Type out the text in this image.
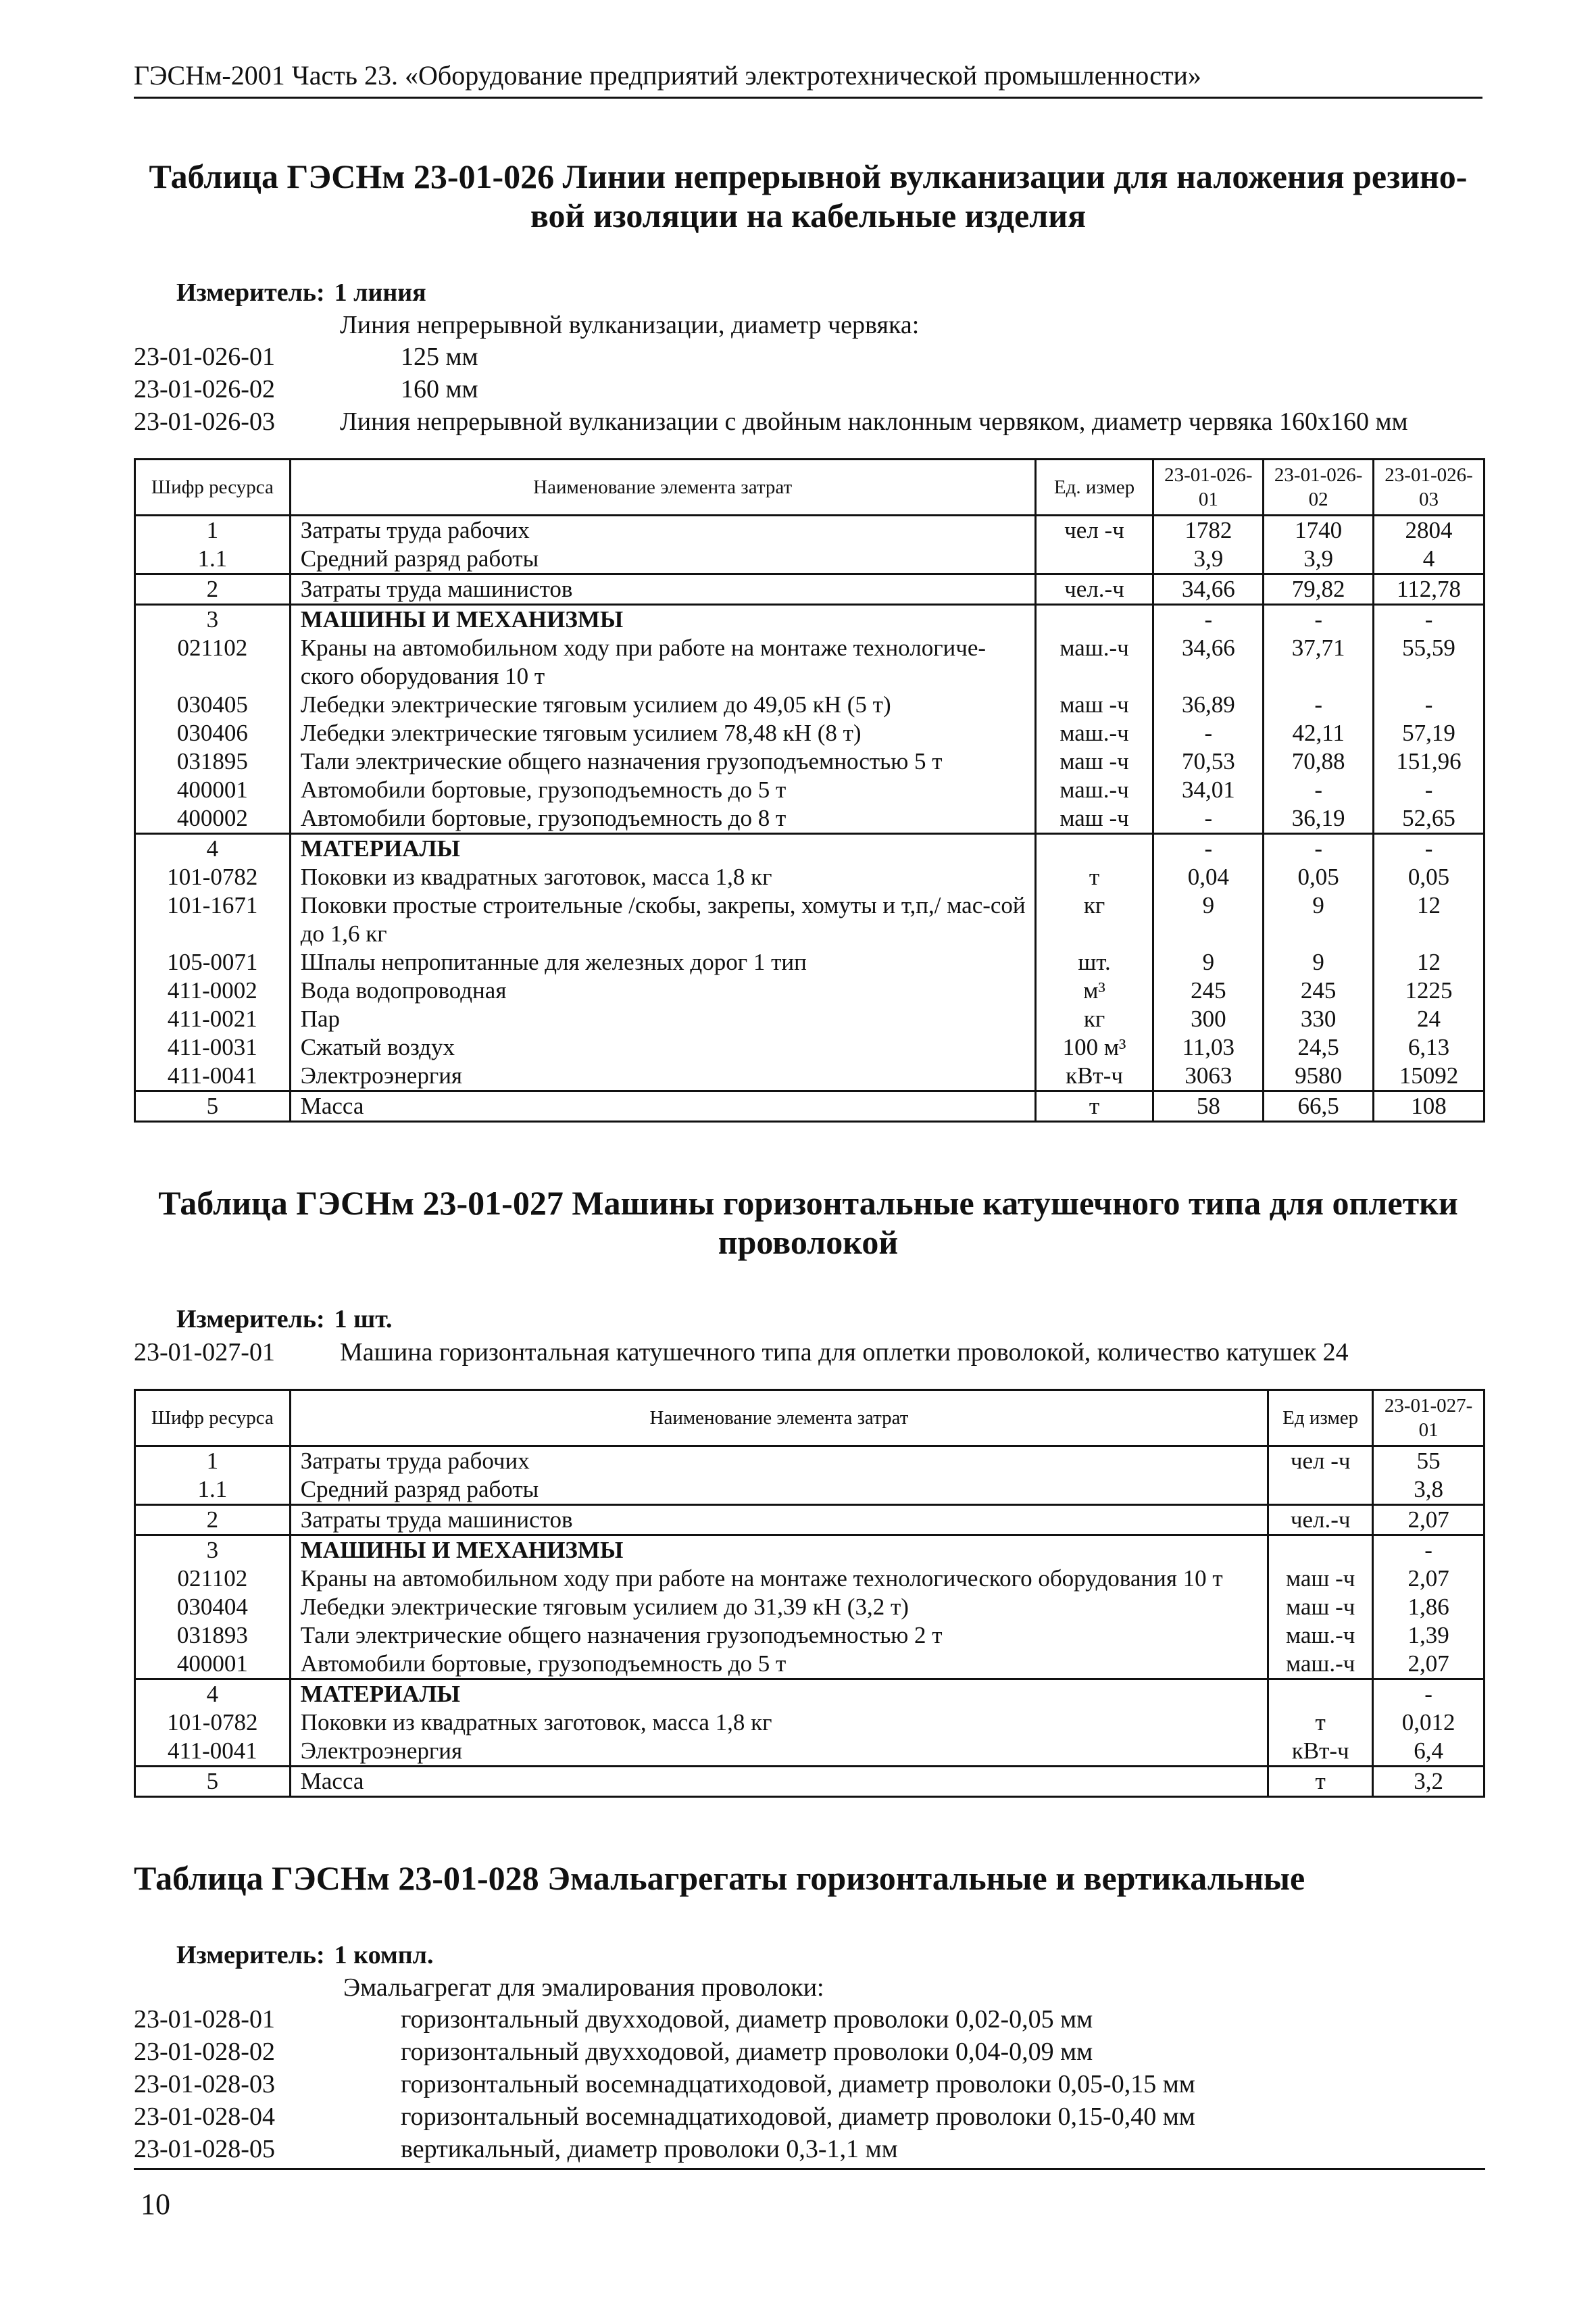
ГЭСНм-2001 Часть 23. «Оборудование предприятий электротехнической промышленности»
Таблица ГЭСНм 23-01-026 Линии непрерывной вулканизации для наложения резино-
вой изоляции на кабельные изделия
Измеритель: 1 линия
Линия непрерывной вулканизации, диаметр червяка:
23-01-026-01	125 мм
23-01-026-02	160 мм
23-01-026-03	Линия непрерывной вулканизации с двойным наклонным червяком, диаметр червяка 160х160 мм
Шифр ресурса	Наименование элемента затрат	Ед. измер	23-01-026-01	23-01-026-02	23-01-026-03
1	Затраты труда рабочих	чел -ч	1782	1740	2804
1.1	Средний разряд работы		3,9	3,9	4
2	Затраты труда машинистов	чел.-ч	34,66	79,82	112,78
3	МАШИНЫ И МЕХАНИЗМЫ		-	-	-
021102	Краны на автомобильном ходу при работе на монтаже технологиче-ского оборудования 10 т	маш.-ч	34,66	37,71	55,59
030405	Лебедки электрические тяговым усилием до 49,05 кН (5 т)	маш -ч	36,89	-	-
030406	Лебедки электрические тяговым усилием 78,48 кН (8 т)	маш.-ч	-	42,11	57,19
031895	Тали электрические общего назначения грузоподъемностью 5 т	маш -ч	70,53	70,88	151,96
400001	Автомобили бортовые, грузоподъемность до 5 т	маш.-ч	34,01	-	-
400002	Автомобили бортовые, грузоподъемность до 8 т	маш -ч	-	36,19	52,65
4	МАТЕРИАЛЫ		-	-	-
101-0782	Поковки из квадратных заготовок, масса 1,8 кг	т	0,04	0,05	0,05
101-1671	Поковки простые строительные /скобы, закрепы, хомуты и т,п,/ мас-сой до 1,6 кг	кг	9	9	12
105-0071	Шпалы непропитанные для железных дорог 1 тип	шт.	9	9	12
411-0002	Вода водопроводная	м³	245	245	1225
411-0021	Пар	кг	300	330	24
411-0031	Сжатый воздух	100 м³	11,03	24,5	6,13
411-0041	Электроэнергия	кВт-ч	3063	9580	15092
5	Масса	т	58	66,5	108
Таблица ГЭСНм 23-01-027 Машины горизонтальные катушечного типа для оплетки
проволокой
Измеритель: 1 шт.
23-01-027-01	Машина горизонтальная катушечного типа для оплетки проволокой, количество катушек 24
Шифр ресурса	Наименование элемента затрат	Ед измер	23-01-027-01
1	Затраты труда рабочих	чел -ч	55
1.1	Средний разряд работы		3,8
2	Затраты труда машинистов	чел.-ч	2,07
3	МАШИНЫ И МЕХАНИЗМЫ		-
021102	Краны на автомобильном ходу при работе на монтаже технологического оборудования 10 т	маш -ч	2,07
030404	Лебедки электрические тяговым усилием до 31,39 кН (3,2 т)	маш -ч	1,86
031893	Тали электрические общего назначения грузоподъемностью 2 т	маш.-ч	1,39
400001	Автомобили бортовые, грузоподъемность до 5 т	маш.-ч	2,07
4	МАТЕРИАЛЫ		-
101-0782	Поковки из квадратных заготовок, масса 1,8 кг	т	0,012
411-0041	Электроэнергия	кВт-ч	6,4
5	Масса	т	3,2
Таблица ГЭСНм 23-01-028 Эмальагрегаты горизонтальные и вертикальные
Измеритель: 1 компл.
Эмальагрегат для эмалирования проволоки:
23-01-028-01	горизонтальный двухходовой, диаметр проволоки 0,02-0,05 мм
23-01-028-02	горизонтальный двухходовой, диаметр проволоки 0,04-0,09 мм
23-01-028-03	горизонтальный восемнадцатиходовой, диаметр проволоки 0,05-0,15 мм
23-01-028-04	горизонтальный восемнадцатиходовой, диаметр проволоки 0,15-0,40 мм
23-01-028-05	вертикальный, диаметр проволоки 0,3-1,1 мм
10
